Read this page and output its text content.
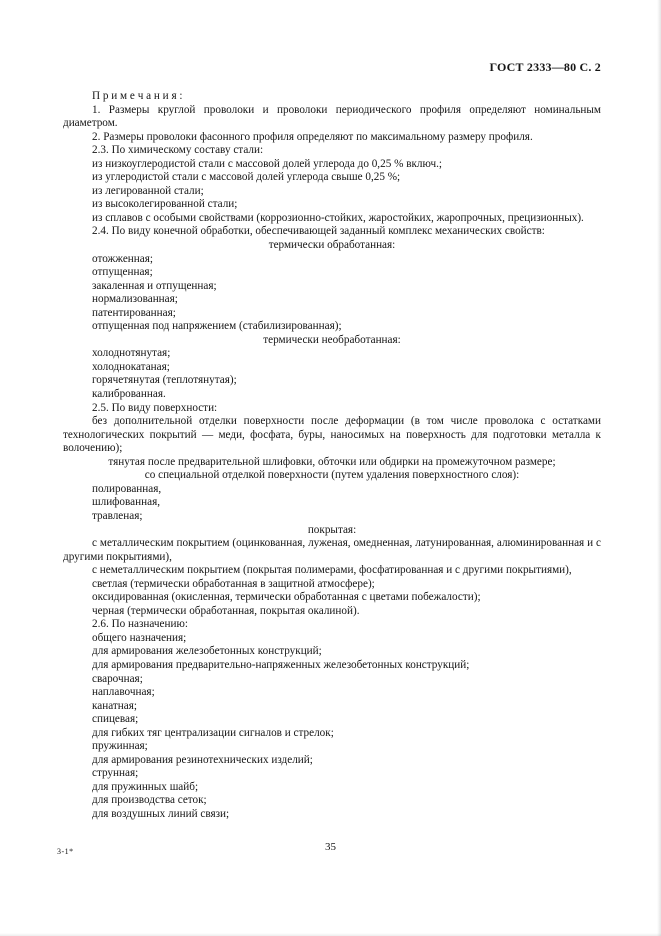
ГОСТ 2333—80 С. 2

П р и м е ч а н и я :

1. Размеры круглой проволоки и проволоки периодического профиля определяют номинальным диаметром.

2. Размеры проволоки фасонного профиля определяют по максимальному размеру профиля.

2.3. По химическому составу стали:

из низкоуглеродистой стали с массовой долей углерода до 0,25 % включ.;

из углеродистой стали с массовой долей углерода свыше 0,25 %;

из легированной стали;

из высоколегированной стали;

из сплавов с особыми свойствами (коррозионно-стойких, жаростойких, жаропрочных, прецизионных).

2.4. По виду конечной обработки, обеспечивающей заданный комплекс механических свойств:

термически обработанная:

отожженная;

отпущенная;

закаленная и отпущенная;

нормализованная;

патентированная;

отпущенная под напряжением (стабилизированная);

термически необработанная:

холоднотянутая;

холоднокатаная;

горячетянутая (теплотянутая);

калиброванная.

2.5. По виду поверхности:

без дополнительной отделки поверхности после деформации (в том числе проволока с остатками технологических покрытий — меди, фосфата, буры, наносимых на поверхность для подготовки металла к волочению);

тянутая после предварительной шлифовки, обточки или обдирки на промежуточном размере;

со специальной отделкой поверхности (путем удаления поверхностного слоя):

полированная,

шлифованная,

травленая;

покрытая:

с металлическим покрытием (оцинкованная, луженая, омедненная, латунированная, алюминированная и с другими покрытиями),

с неметаллическим покрытием (покрытая полимерами, фосфатированная и с другими покрытиями),

светлая (термически обработанная в защитной атмосфере);

оксидированная (окисленная, термически обработанная с цветами побежалости);

черная (термически обработанная, покрытая окалиной).

2.6. По назначению:

общего назначения;

для армирования железобетонных конструкций;

для армирования предварительно-напряженных железобетонных конструкций;

сварочная;

наплавочная;

канатная;

спицевая;

для гибких тяг централизации сигналов и стрелок;

пружинная;

для армирования резинотехнических изделий;

струнная;

для пружинных шайб;

для производства сеток;

для воздушных линий связи;

3-1*	35
